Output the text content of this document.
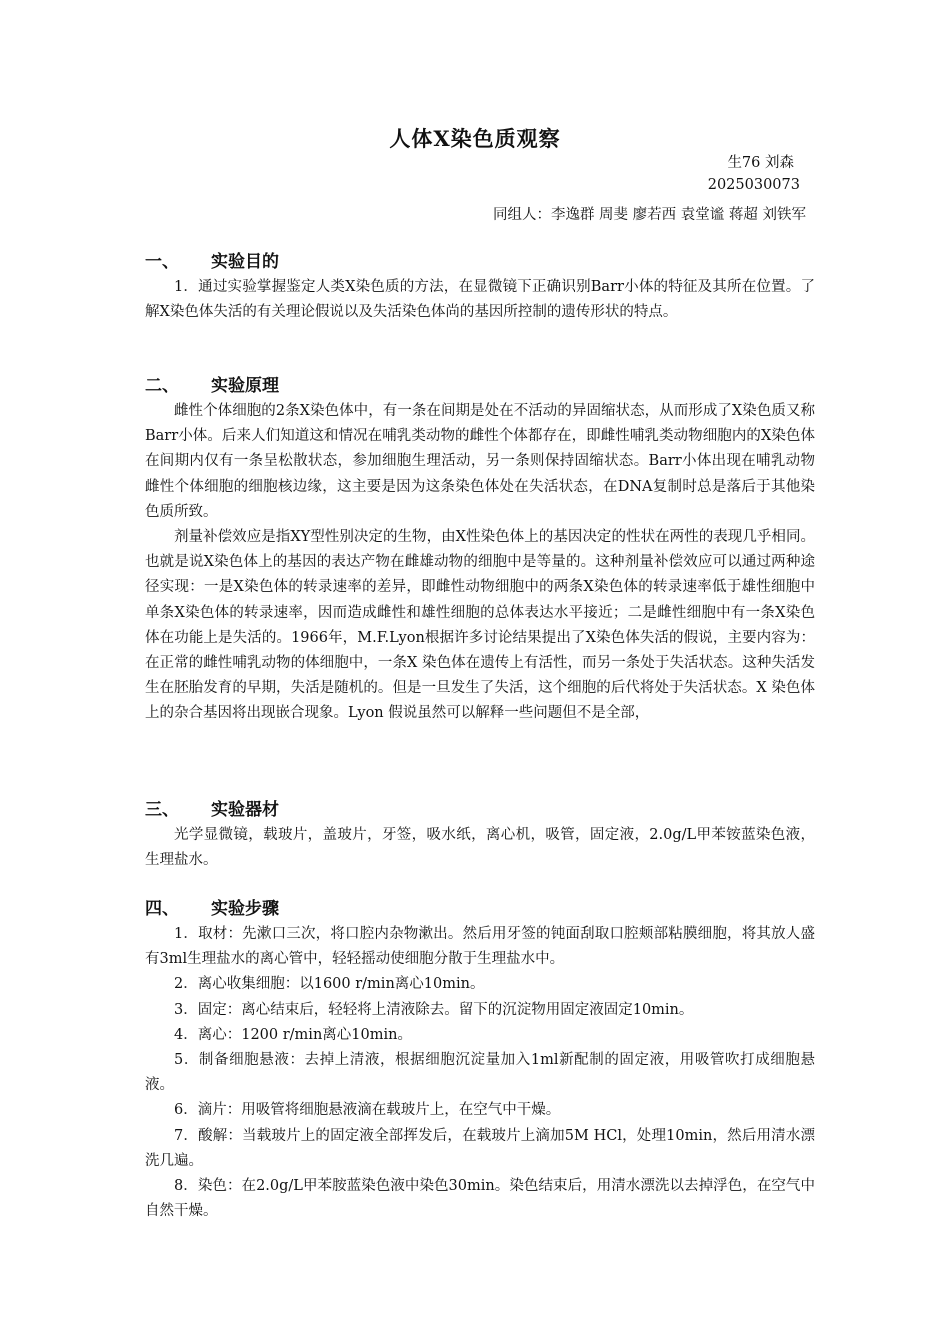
人体X染色质观察
生76 刘森
2025030073
同组人：李逸群 周斐 廖若西 袁堂谧 蒋超 刘铁军
一、 实验目的

1．通过实验掌握鉴定人类X染色质的方法，在显微镜下正确识别Barr小体的特征及其所在位置。了解X染色体失活的有关理论假说以及失活染色体尚的基因所控制的遗传形状的特点。

二、 实验原理

雌性个体细胞的2条X染色体中，有一条在间期是处在不活动的异固缩状态，从而形成了X染色质又称Barr小体。后来人们知道这和情况在哺乳类动物的雌性个体都存在，即雌性哺乳类动物细胞内的X染色体在间期内仅有一条呈松散状态，参加细胞生理活动，另一条则保持固缩状态。Barr小体出现在哺乳动物雌性个体细胞的细胞核边缘，这主要是因为这条染色体处在失活状态，在DNA复制时总是落后于其他染色质所致。

剂量补偿效应是指XY型性别决定的生物，由X性染色体上的基因决定的性状在两性的表现几乎相同。也就是说X染色体上的基因的表达产物在雌雄动物的细胞中是等量的。这种剂量补偿效应可以通过两种途径实现：一是X染色体的转录速率的差异，即雌性动物细胞中的两条X染色体的转录速率低于雄性细胞中单条X染色体的转录速率，因而造成雌性和雄性细胞的总体表达水平接近；二是雌性细胞中有一条X染色体在功能上是失活的。1966年，M.F.Lyon根据许多讨论结果提出了X染色体失活的假说，主要内容为：在正常的雌性哺乳动物的体细胞中，一条X 染色体在遗传上有活性，而另一条处于失活状态。这种失活发生在胚胎发育的早期，失活是随机的。但是一旦发生了失活，这个细胞的后代将处于失活状态。X 染色体上的杂合基因将出现嵌合现象。Lyon 假说虽然可以解释一些问题但不是全部，

三、 实验器材

光学显微镜，载玻片，盖玻片，牙签，吸水纸，离心机，吸管，固定液，2.0g/L甲苯铵蓝染色液，生理盐水。

四、 实验步骤

1．取材：先漱口三次，将口腔内杂物漱出。然后用牙签的钝面刮取口腔颊部粘膜细胞，将其放人盛有3ml生理盐水的离心管中，轻轻摇动使细胞分散于生理盐水中。

2．离心收集细胞：以1600 r/min离心10min。

3．固定：离心结束后，轻轻将上清液除去。留下的沉淀物用固定液固定10min。

4．离心：1200 r/min离心10min。

5．制备细胞悬液：去掉上清液，根据细胞沉淀量加入1ml新配制的固定液，用吸管吹打成细胞悬液。

6．滴片：用吸管将细胞悬液滴在载玻片上，在空气中干燥。

7．酸解：当载玻片上的固定液全部挥发后，在载玻片上滴加5M HCl，处理10min，然后用清水漂洗几遍。

8．染色：在2.0g/L甲苯胺蓝染色液中染色30min。染色结束后，用清水漂洗以去掉浮色，在空气中自然干燥。
